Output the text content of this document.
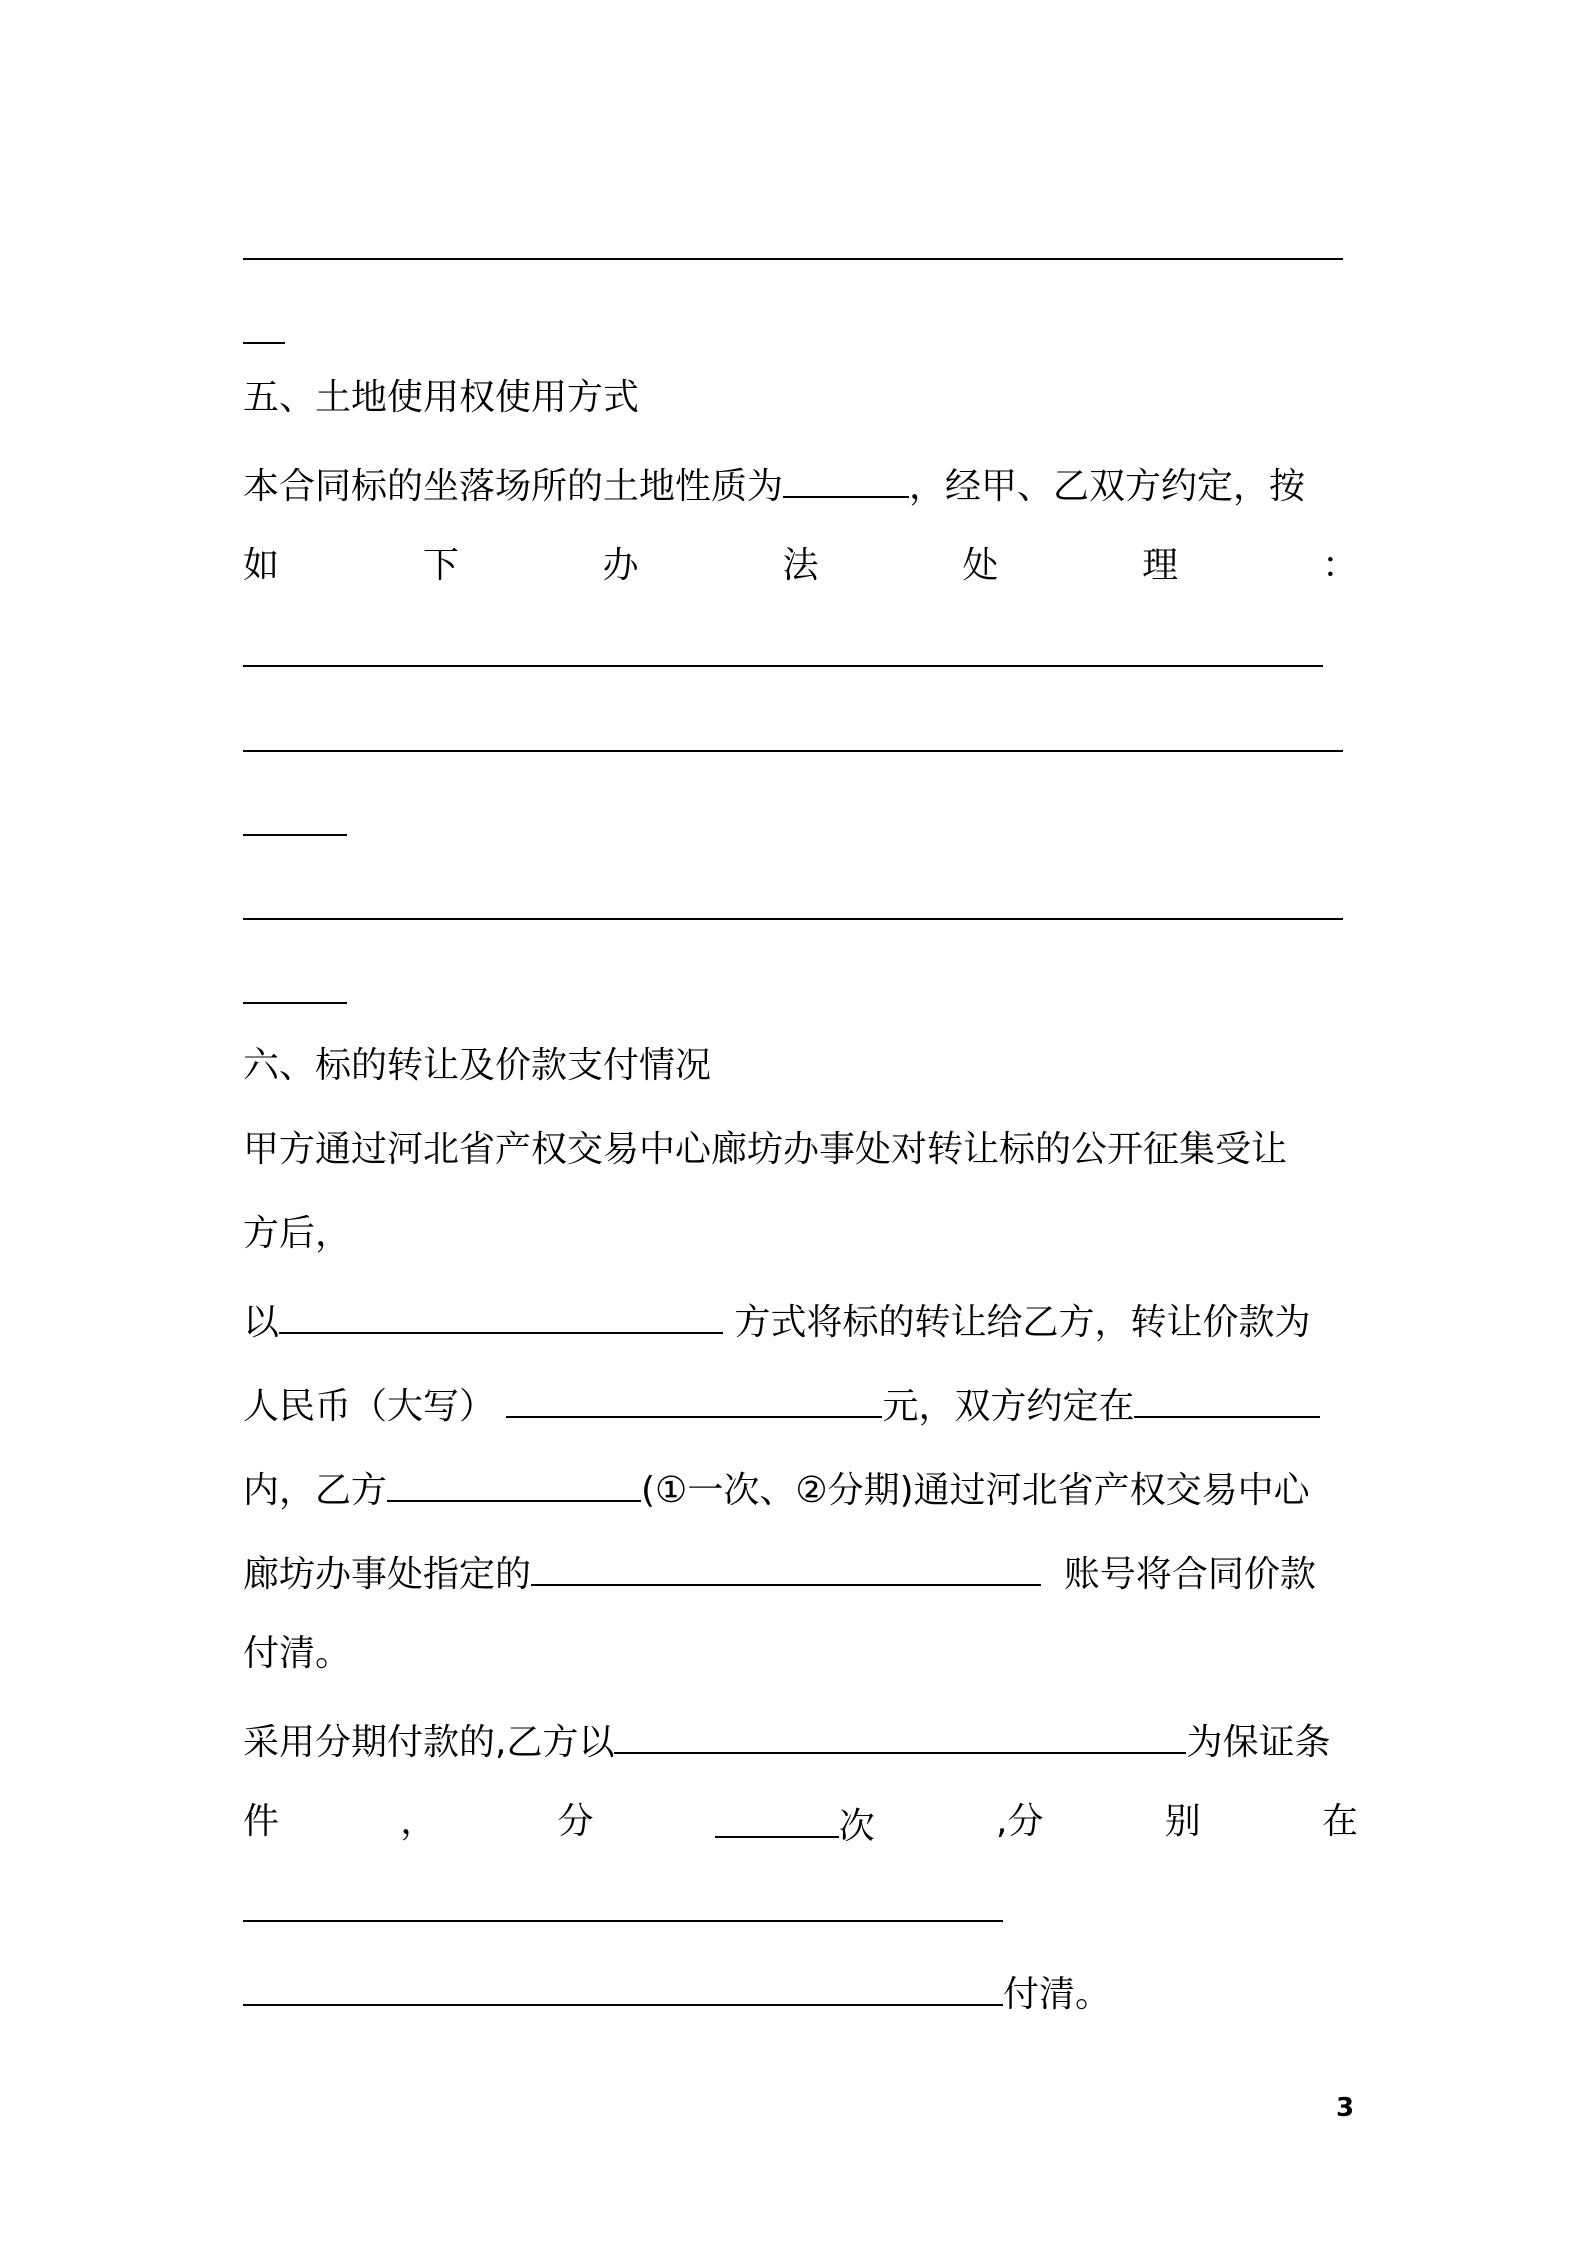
五、土地使用权使用方式
本合同标的坐落场所的土地性质为	，经甲、乙双方约定，按
如	下	办	法	处	理	：
六、标的转让及价款支付情况
甲方通过河北省产权交易中心廊坊办事处对转让标的公开征集受让
方后，
以	方式将标的转让给乙方，转让价款为
人民币（大写）	元，双方约定在
内，乙方	(①一次、②分期)通过河北省产权交易中心
廊坊办事处指定的	账号将合同价款
付清。
采用分期付款的,乙方以	为保证条
件	，	分	次	,分	别	在
付清。
3
